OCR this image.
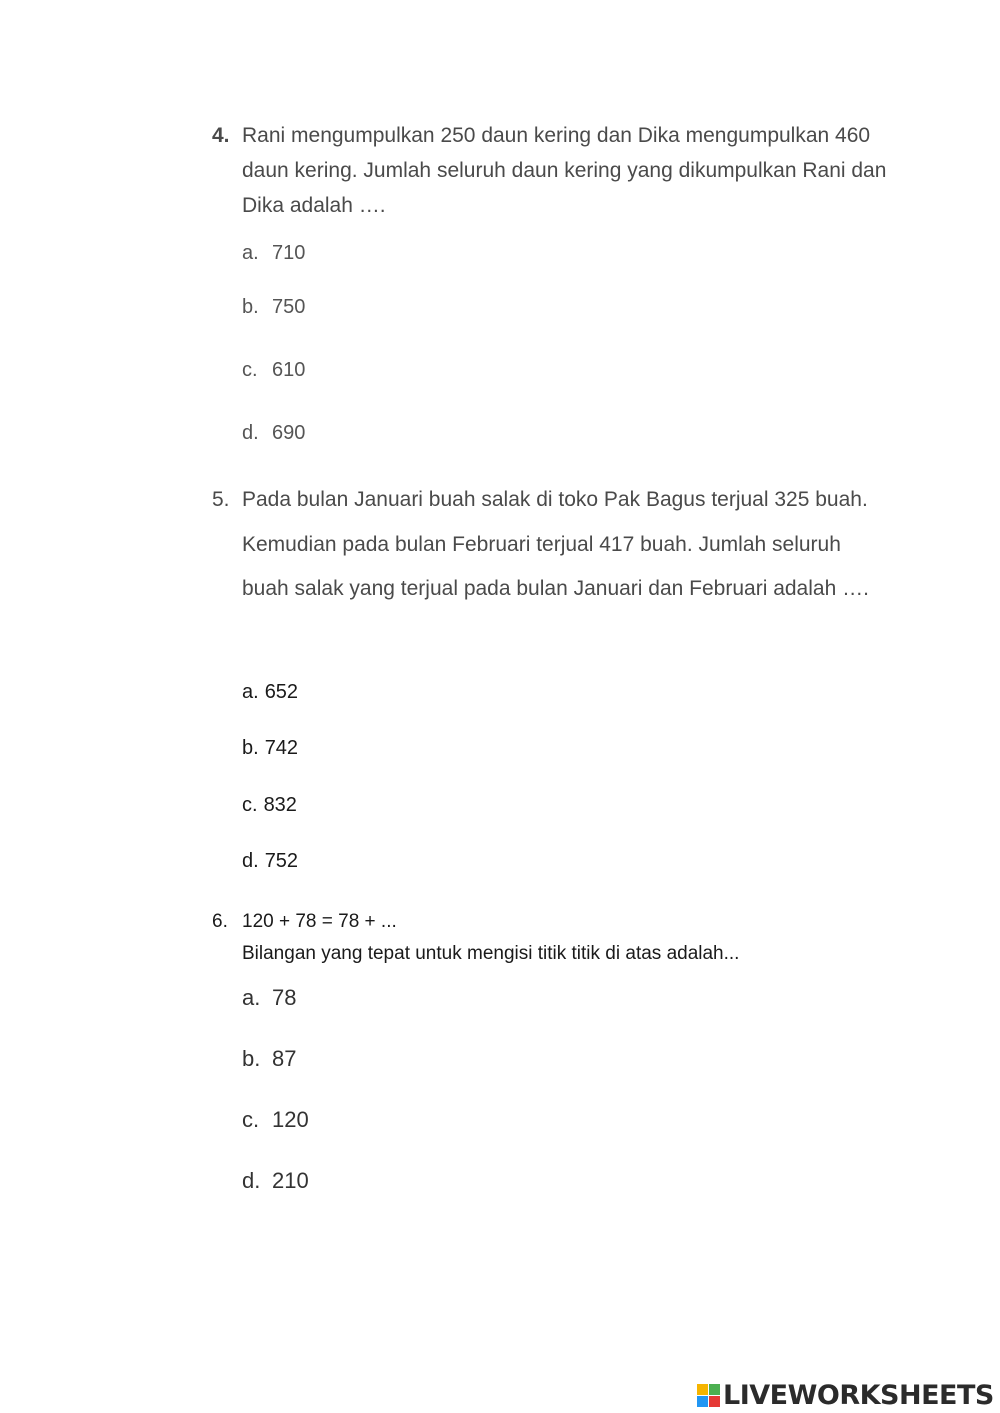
4. Rani mengumpulkan 250 daun kering dan Dika mengumpulkan 460 daun kering. Jumlah seluruh daun kering yang dikumpulkan Rani dan Dika adalah ….
a. 710
b. 750
c. 610
d. 690
5. Pada bulan Januari buah salak di toko Pak Bagus terjual 325 buah. Kemudian pada bulan Februari terjual 417 buah. Jumlah seluruh buah salak yang terjual pada bulan Januari dan Februari adalah ….
a. 652
b. 742
c. 832
d. 752
6. 120 + 78 = 78 + ...
Bilangan yang tepat untuk mengisi titik titik di atas adalah...
a. 78
b. 87
c. 120
d. 210
LIVEWORKSHEETS
